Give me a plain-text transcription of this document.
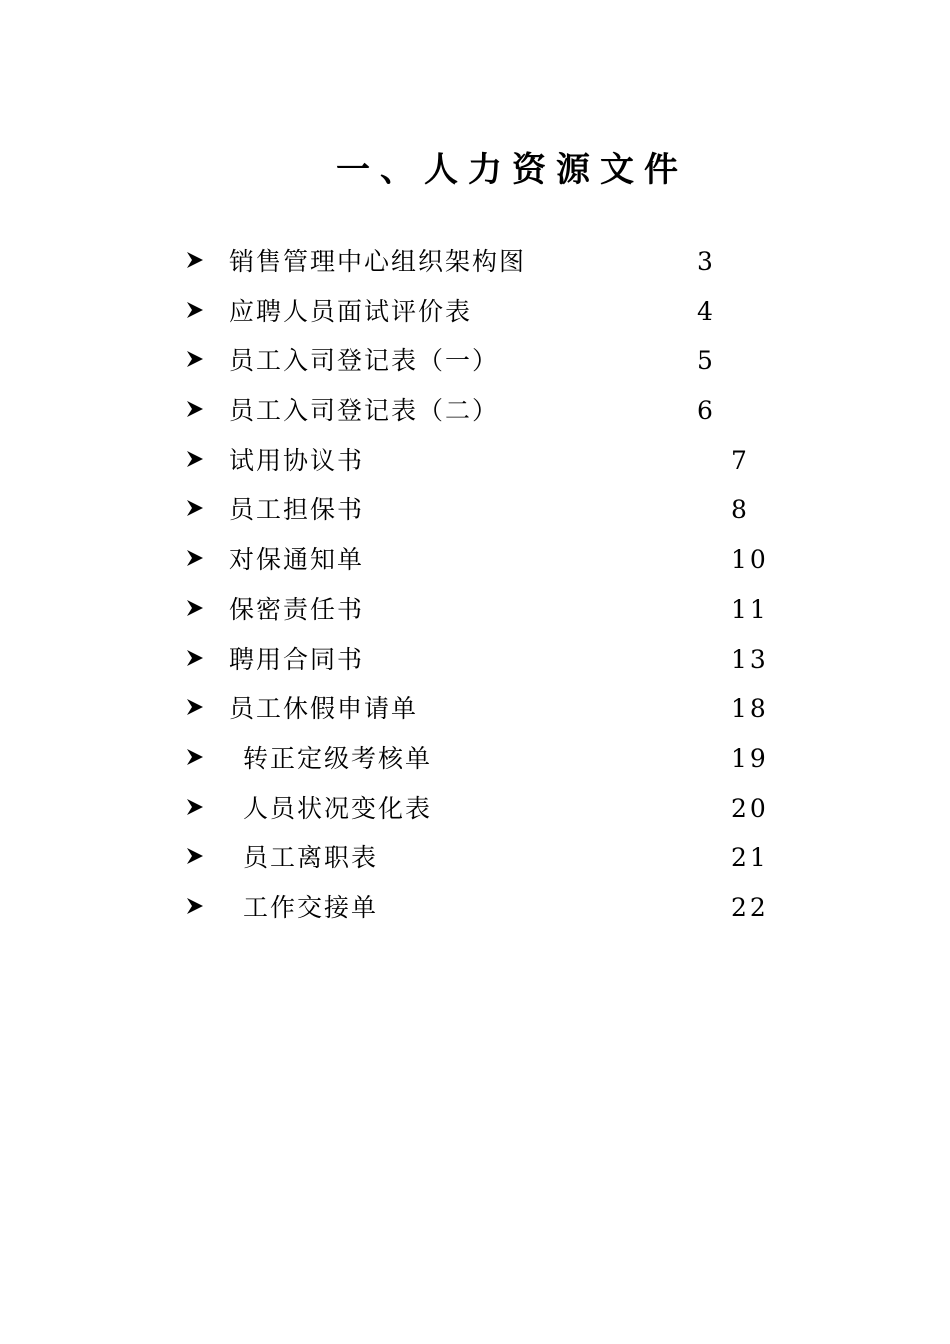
一、人力资源文件
销售管理中心组织架构图	3
应聘人员面试评价表	4
员工入司登记表（一）	5
员工入司登记表（二）	6
试用协议书	7
员工担保书	8
对保通知单	10
保密责任书	11
聘用合同书	13
员工休假申请单	18
转正定级考核单	19
人员状况变化表	20
员工离职表	21
工作交接单	22
